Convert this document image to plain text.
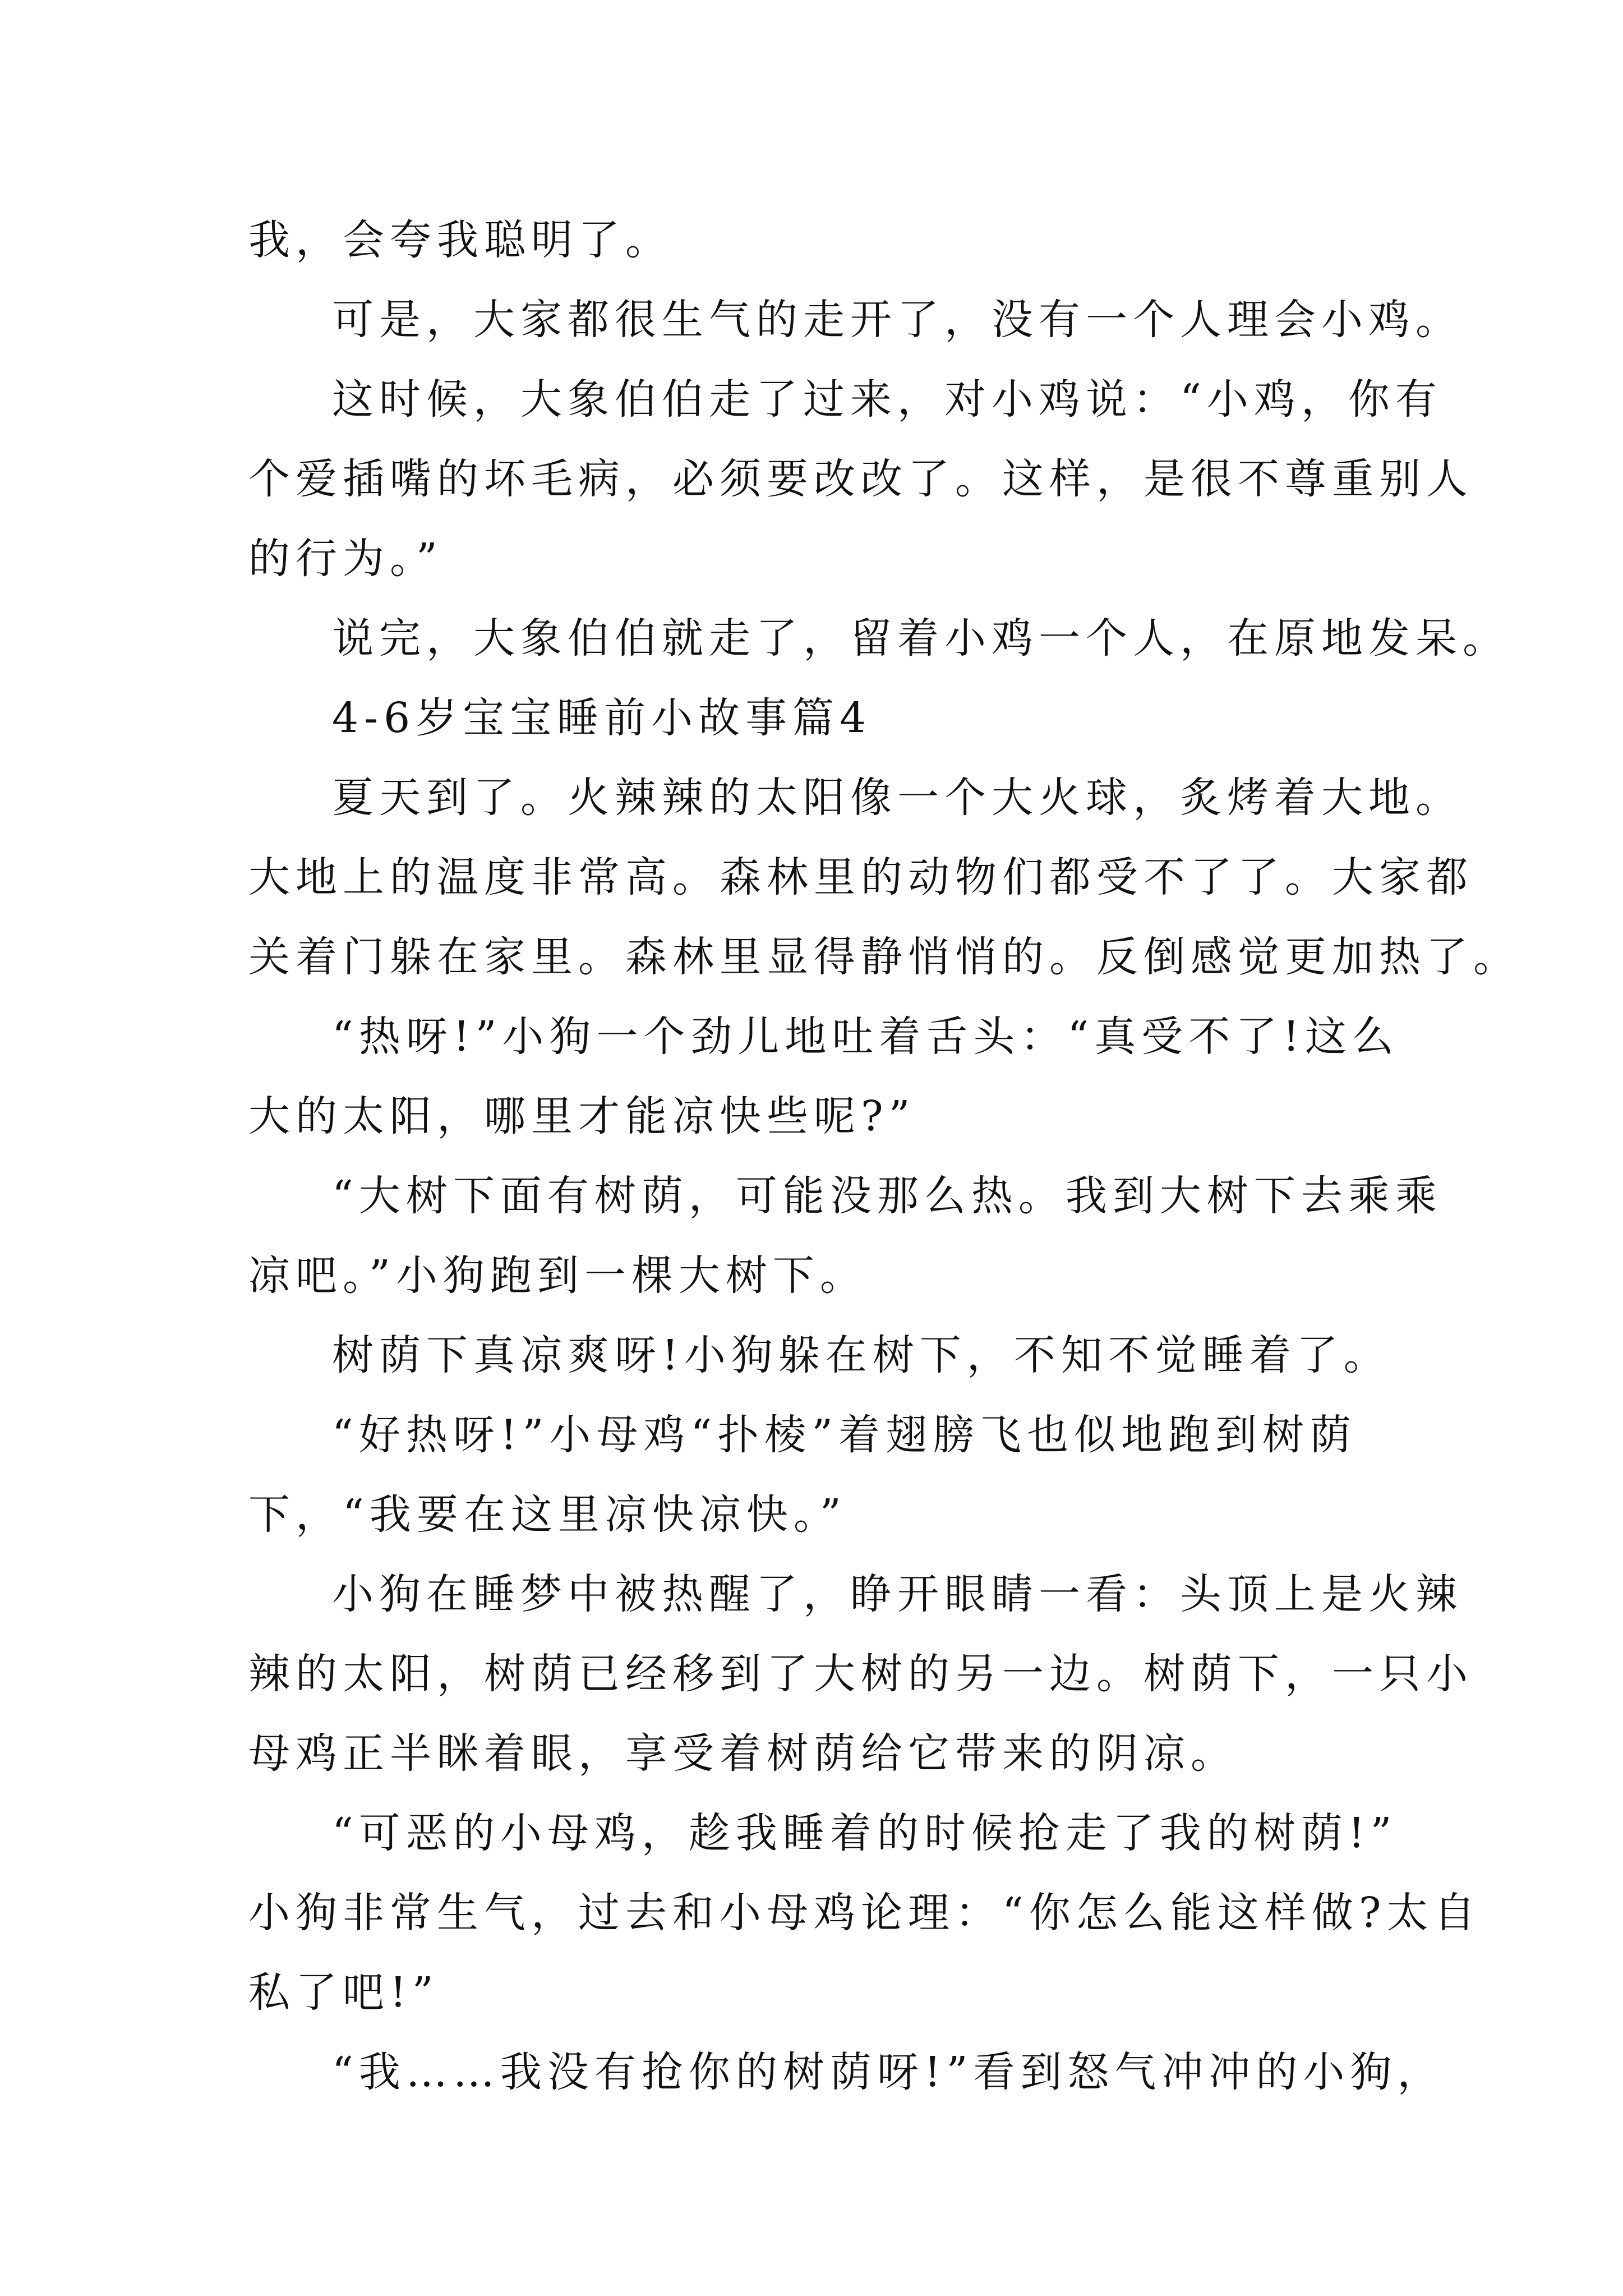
我，会夸我聪明了。
可是，大家都很生气的走开了，没有一个人理会小鸡。
这时候，大象伯伯走了过来，对小鸡说：“小鸡，你有
个爱插嘴的坏毛病，必须要改改了。这样，是很不尊重别人
的行为。”
说完，大象伯伯就走了，留着小鸡一个人，在原地发呆。
4-6岁宝宝睡前小故事篇4
夏天到了。火辣辣的太阳像一个大火球，炙烤着大地。
大地上的温度非常高。森林里的动物们都受不了了。大家都
关着门躲在家里。森林里显得静悄悄的。反倒感觉更加热了。
“热呀!”小狗一个劲儿地吐着舌头：“真受不了!这么
大的太阳，哪里才能凉快些呢?”
“大树下面有树荫，可能没那么热。我到大树下去乘乘
凉吧。”小狗跑到一棵大树下。
树荫下真凉爽呀!小狗躲在树下，不知不觉睡着了。
“好热呀!”小母鸡“扑棱”着翅膀飞也似地跑到树荫
下，“我要在这里凉快凉快。”
小狗在睡梦中被热醒了，睁开眼睛一看：头顶上是火辣
辣的太阳，树荫已经移到了大树的另一边。树荫下，一只小
母鸡正半眯着眼，享受着树荫给它带来的阴凉。
“可恶的小母鸡，趁我睡着的时候抢走了我的树荫!”
小狗非常生气，过去和小母鸡论理：“你怎么能这样做?太自
私了吧!”
“我……我没有抢你的树荫呀!”看到怒气冲冲的小狗，
